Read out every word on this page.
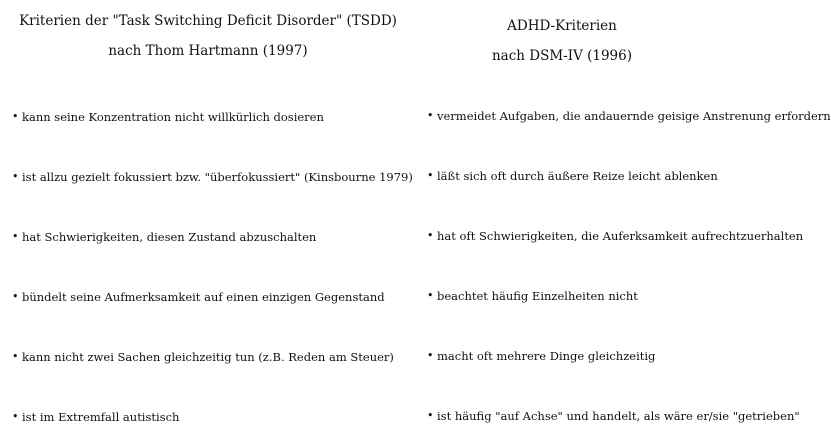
Kriterien der "Task Switching Deficit Disorder" (TSDD)
nach Thom Hartmann (1997)
• kann seine Konzentration nicht willkürlich dosieren
• ist allzu gezielt fokussiert bzw. "überfokussiert" (Kinsbourne 1979)
• hat Schwierigkeiten, diesen Zustand abzuschalten
• bündelt seine Aufmerksamkeit auf einen einzigen Gegenstand
• kann nicht zwei Sachen gleichzeitig tun (z.B. Reden am Steuer)
• ist im Extremfall autistisch
ADHD-Kriterien
nach DSM-IV (1996)
• vermeidet Aufgaben, die andauernde geisige Anstrenung erfordern
• läßt sich oft durch äußere Reize leicht ablenken
• hat oft Schwierigkeiten, die Auferksamkeit aufrechtzuerhalten
• beachtet häufig Einzelheiten nicht
• macht oft mehrere Dinge gleichzeitig
• ist häufig "auf Achse" und handelt, als wäre er/sie "getrieben"
